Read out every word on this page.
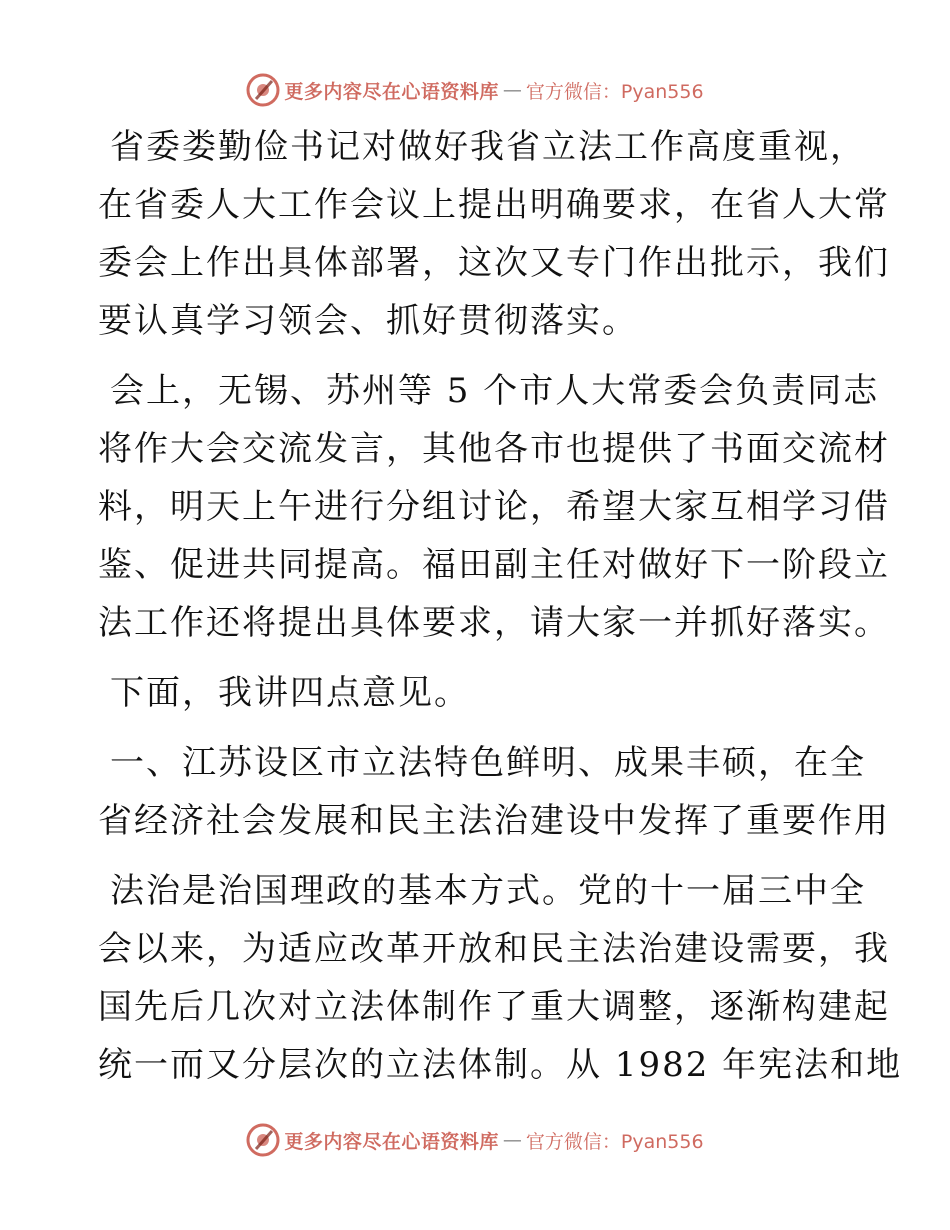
更多内容尽在心语资料库 — 官方微信：Pyan556

省委娄勤俭书记对做好我省立法工作高度重视，
在省委人大工作会议上提出明确要求，在省人大常
委会上作出具体部署，这次又专门作出批示，我们
要认真学习领会、抓好贯彻落实。

会上，无锡、苏州等 5 个市人大常委会负责同志
将作大会交流发言，其他各市也提供了书面交流材
料，明天上午进行分组讨论，希望大家互相学习借
鉴、促进共同提高。福田副主任对做好下一阶段立
法工作还将提出具体要求，请大家一并抓好落实。

下面，我讲四点意见。

一、江苏设区市立法特色鲜明、成果丰硕，在全
省经济社会发展和民主法治建设中发挥了重要作用

法治是治国理政的基本方式。党的十一届三中全
会以来，为适应改革开放和民主法治建设需要，我
国先后几次对立法体制作了重大调整，逐渐构建起
统一而又分层次的立法体制。从 1982 年宪法和地

更多内容尽在心语资料库 — 官方微信：Pyan556
